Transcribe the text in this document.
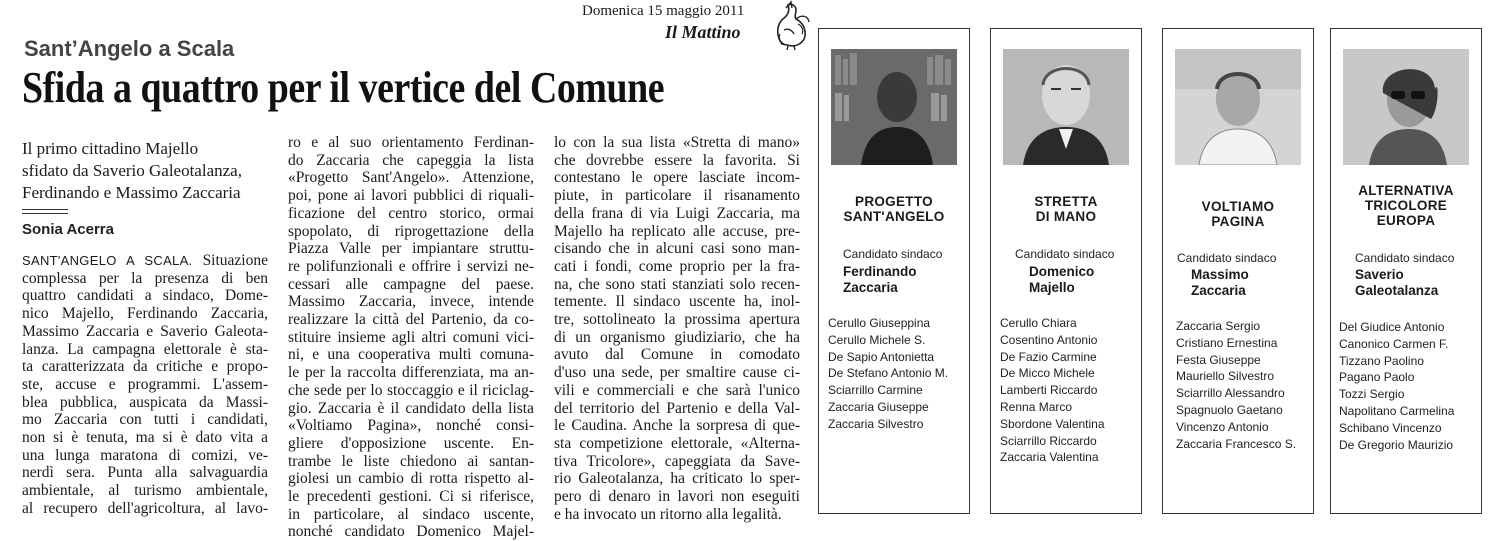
Domenica 15 maggio 2011
Il Mattino
Sant’Angelo a Scala
Sfida a quattro per il vertice del Comune
Il primo cittadino Majello
sfidato da Saverio Galeotalanza,
Ferdinando e Massimo Zaccaria
Sonia Acerra
SANT'ANGELO A SCALA. Situazione
complessa per la presenza di ben
quattro candidati a sindaco, Dome-
nico Majello, Ferdinando Zaccaria,
Massimo Zaccaria e Saverio Galeota-
lanza. La campagna elettorale è sta-
ta caratterizzata da critiche e propo-
ste, accuse e programmi. L'assem-
blea pubblica, auspicata da Massi-
mo Zaccaria con tutti i candidati,
non si è tenuta, ma si è dato vita a
una lunga maratona di comizi, ve-
nerdì sera. Punta alla salvaguardia
ambientale, al turismo ambientale,
al recupero dell'agricoltura, al lavo-
ro e al suo orientamento Ferdinan-
do Zaccaria che capeggia la lista
«Progetto Sant'Angelo». Attenzione,
poi, pone ai lavori pubblici di riquali-
ficazione del centro storico, ormai
spopolato, di riprogettazione della
Piazza Valle per impiantare struttu-
re polifunzionali e offrire i servizi ne-
cessari alle campagne del paese.
Massimo Zaccaria, invece, intende
realizzare la città del Partenio, da co-
stituire insieme agli altri comuni vici-
ni, e una cooperativa multi comuna-
le per la raccolta differenziata, ma an-
che sede per lo stoccaggio e il riciclag-
gio. Zaccaria è il candidato della lista
«Voltiamo Pagina», nonché consi-
gliere d'opposizione uscente. En-
trambe le liste chiedono ai santan-
giolesi un cambio di rotta rispetto al-
le precedenti gestioni. Ci si riferisce,
in particolare, al sindaco uscente,
nonché candidato Domenico Majel-
lo con la sua lista «Stretta di mano»
che dovrebbe essere la favorita. Si
contestano le opere lasciate incom-
piute, in particolare il risanamento
della frana di via Luigi Zaccaria, ma
Majello ha replicato alle accuse, pre-
cisando che in alcuni casi sono man-
cati i fondi, come proprio per la fra-
na, che sono stati stanziati solo recen-
temente. Il sindaco uscente ha, inol-
tre, sottolineato la prossima apertura
di un organismo giudiziario, che ha
avuto dal Comune in comodato
d'uso una sede, per smaltire cause ci-
vili e commerciali e che sarà l'unico
del territorio del Partenio e della Val-
le Caudina. Anche la sorpresa di que-
sta competizione elettorale, «Alterna-
tiva Tricolore», capeggiata da Save-
rio Galeotalanza, ha criticato lo sper-
pero di denaro in lavori non eseguiti
e ha invocato un ritorno alla legalità.
PROGETTO
SANT'ANGELO
Candidato sindaco
Ferdinando
Zaccaria
Cerullo Giuseppina
Cerullo Michele S.
De Sapio Antonietta
De Stefano Antonio M.
Sciarrillo Carmine
Zaccaria Giuseppe
Zaccaria Silvestro
STRETTA
DI MANO
Candidato sindaco
Domenico
Majello
Cerullo Chiara
Cosentino Antonio
De Fazio Carmine
De Micco Michele
Lamberti Riccardo
Renna Marco
Sbordone Valentina
Sciarrillo Riccardo
Zaccaria Valentina
VOLTIAMO
PAGINA
Candidato sindaco
Massimo
Zaccaria
Zaccaria Sergio
Cristiano Ernestina
Festa Giuseppe
Mauriello Silvestro
Sciarrillo Alessandro
Spagnuolo Gaetano
Vincenzo Antonio
Zaccaria Francesco S.
ALTERNATIVA
TRICOLORE
EUROPA
Candidato sindaco
Saverio
Galeotalanza
Del Giudice Antonio
Canonico Carmen F.
Tizzano Paolino
Pagano Paolo
Tozzi Sergio
Napolitano Carmelina
Schibano Vincenzo
De Gregorio Maurizio
